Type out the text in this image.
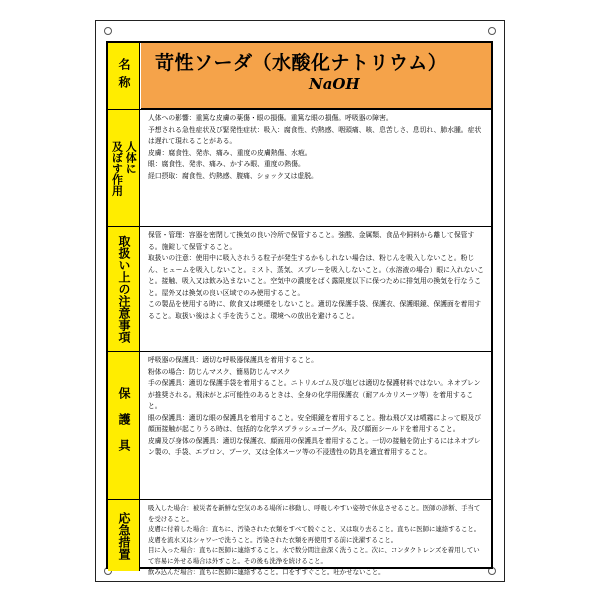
名称 苛性ソーダ（水酸化ナトリウム）
NaOH
人体に
及ぼす作用

人体への影響：重篤な皮膚の薬傷・眼の損傷。重篤な眼の損傷。呼吸器の障害。

予想される急性症状及び緊発性症状：吸入：腐食性、灼熱感、咽頭痛、咳、息苦しさ、息切れ、肺水腫。症状は遅れて現れることがある。

皮膚：腐食性、発赤、痛み、重度の皮膚熱傷、水疱。

眼：腐食性、発赤、痛み、かすみ眼、重度の熱傷。

経口摂取：腐食性、灼熱感、腹痛、ショック又は虚脱。

取扱い上の注意事項	保管・管理：容器を密閉して換気の良い冷所で保管すること。強酸、金属類、食品や飼料から離して保管する。施錠して保管すること。

取扱いの注意：使用中に吸入されうる粒子が発生するかもしれない場合は、粉じんを吸入しないこと。粉じん、ヒュームを吸入しないこと。ミスト、蒸気、スプレーを吸入しないこと。（水溶液の場合）眼に入れないこと。接触、吸入又は飲み込まないこと。空気中の濃度をばく露限度以下に保つために排気用の換気を行なうこと。屋外又は換気の良い区域でのみ使用すること。

この製品を使用する時に、飲食又は喫煙をしないこと。適切な保護手袋、保護衣、保護眼鏡、保護面を着用すること。取扱い後はよく手を洗うこと。環境への放出を避けること。

保護具

呼吸器の保護具：適切な呼吸器保護具を着用すること。

粉体の場合：防じんマスク、簡易防じんマスク

手の保護具：適切な保護手袋を着用すること。ニトリルゴム及び塩ビは適切な保護材料ではない。ネオプレンが推奨される。飛沫がとぶ可能性のあるときは、全身の化学用保護衣（耐アルカリスーツ等）を着用すること。

眼の保護具：適切な眼の保護具を着用すること。安全眼鏡を着用すること。撥ね飛び又は噴霧によって眼及び顔面接触が起こりうる時は、包括的な化学スプラッシュゴーグル、及び顔面シールドを着用すること。

皮膚及び身体の保護具：適切な保護衣、顔面用の保護具を着用すること。一切の接触を防止するにはネオプレン製の、手袋、エプロン、ブーツ、又は全体スーツ等の不浸透性の防具を適宜着用すること。

応急措置

吸入した場合：被災者を新鮮な空気のある場所に移動し、呼吸しやすい姿勢で休息させること。医師の診断、手当てを受けること。

皮膚に付着した場合：直ちに、汚染された衣類をすべて脱ぐこと、又は取り去ること。直ちに医師に連絡すること。皮膚を流水又はシャワーで洗うこと。汚染された衣類を再使用する前に洗濯すること。

目に入った場合：直ちに医師に連絡すること。水で数分間注意深く洗うこと。次に、コンタクトレンズを着用していて容易に外せる場合は外すこと。その後も洗浄を続けること。

飲み込んだ場合：直ちに医師に連絡すること。口をすすぐこと。吐かせないこと。
